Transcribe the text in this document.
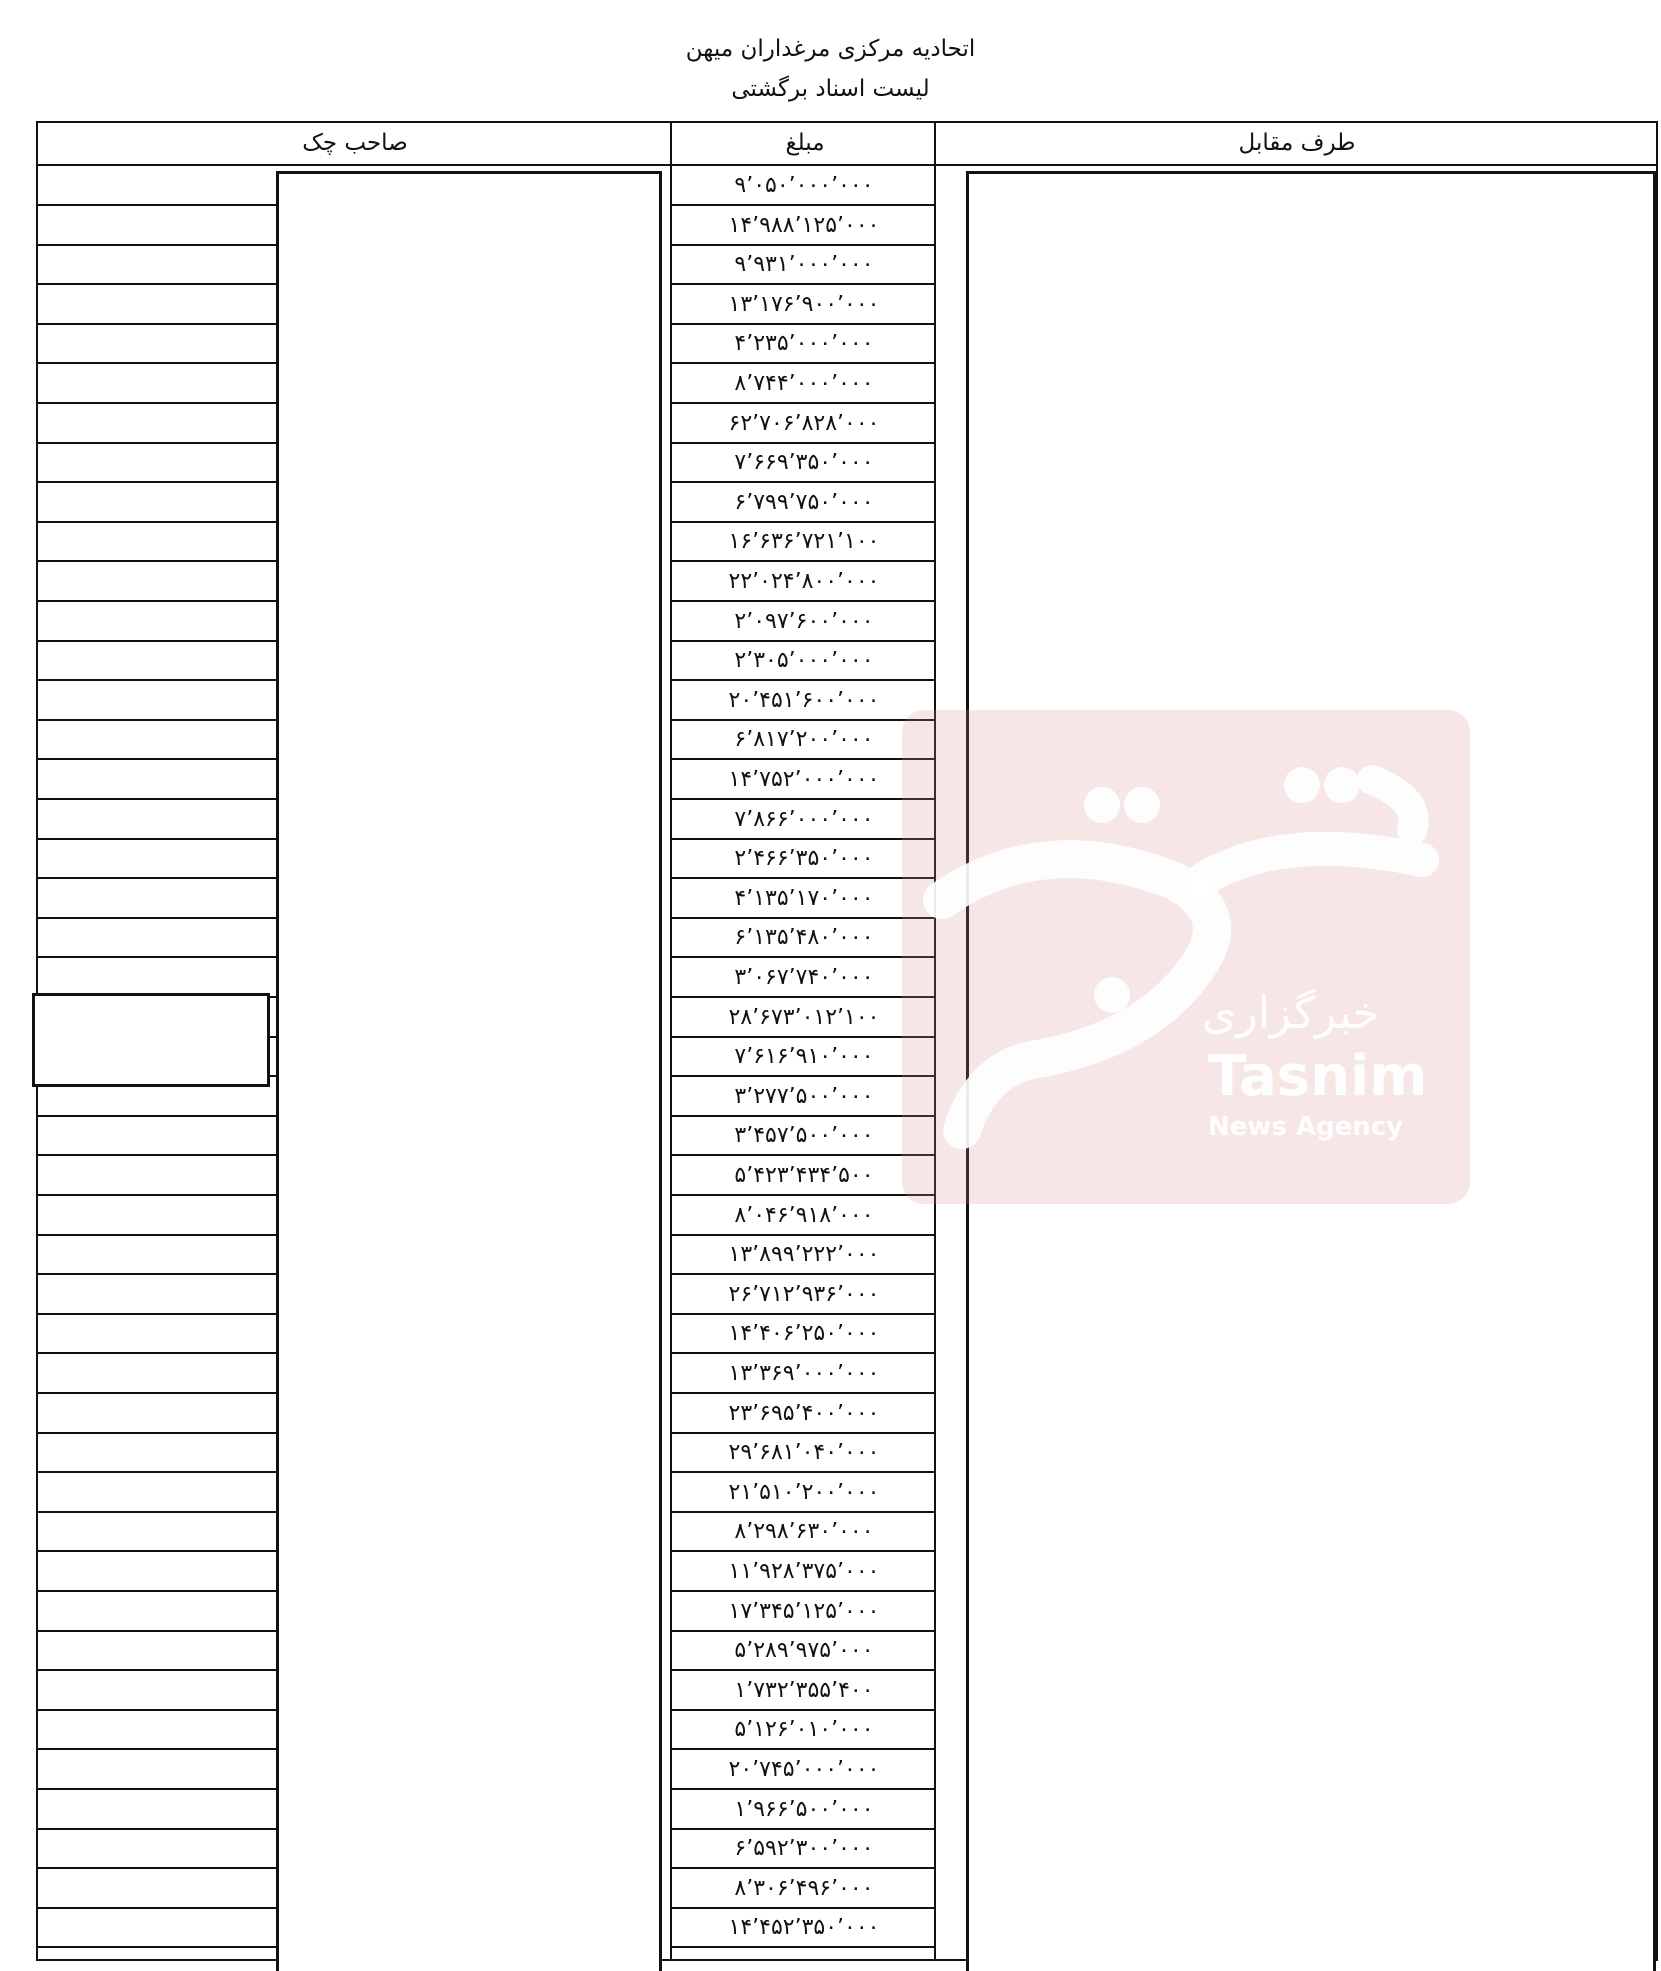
اتحادیه مرکزی مرغداران میهن
لیست اسناد برگشتی
صاحب چک	مبلغ	طرف مقابل
۹٬۰۵۰٬۰۰۰٬۰۰۰
۱۴٬۹۸۸٬۱۲۵٬۰۰۰
۹٬۹۳۱٬۰۰۰٬۰۰۰
۱۳٬۱۷۶٬۹۰۰٬۰۰۰
۴٬۲۳۵٬۰۰۰٬۰۰۰
۸٬۷۴۴٬۰۰۰٬۰۰۰
۶۲٬۷۰۶٬۸۲۸٬۰۰۰
۷٬۶۶۹٬۳۵۰٬۰۰۰
۶٬۷۹۹٬۷۵۰٬۰۰۰
۱۶٬۶۳۶٬۷۲۱٬۱۰۰
۲۲٬۰۲۴٬۸۰۰٬۰۰۰
۲٬۰۹۷٬۶۰۰٬۰۰۰
۲٬۳۰۵٬۰۰۰٬۰۰۰
۲۰٬۴۵۱٬۶۰۰٬۰۰۰
۶٬۸۱۷٬۲۰۰٬۰۰۰
۱۴٬۷۵۲٬۰۰۰٬۰۰۰
۷٬۸۶۶٬۰۰۰٬۰۰۰
۲٬۴۶۶٬۳۵۰٬۰۰۰
۴٬۱۳۵٬۱۷۰٬۰۰۰
۶٬۱۳۵٬۴۸۰٬۰۰۰
۳٬۰۶۷٬۷۴۰٬۰۰۰
۲۸٬۶۷۳٬۰۱۲٬۱۰۰
۷٬۶۱۶٬۹۱۰٬۰۰۰
۳٬۲۷۷٬۵۰۰٬۰۰۰
۳٬۴۵۷٬۵۰۰٬۰۰۰
۵٬۴۲۳٬۴۳۴٬۵۰۰
۸٬۰۴۶٬۹۱۸٬۰۰۰
۱۳٬۸۹۹٬۲۲۲٬۰۰۰
۲۶٬۷۱۲٬۹۳۶٬۰۰۰
۱۴٬۴۰۶٬۲۵۰٬۰۰۰
۱۳٬۳۶۹٬۰۰۰٬۰۰۰
۲۳٬۶۹۵٬۴۰۰٬۰۰۰
۲۹٬۶۸۱٬۰۴۰٬۰۰۰
۲۱٬۵۱۰٬۲۰۰٬۰۰۰
۸٬۲۹۸٬۶۳۰٬۰۰۰
۱۱٬۹۲۸٬۳۷۵٬۰۰۰
۱۷٬۳۴۵٬۱۲۵٬۰۰۰
۵٬۲۸۹٬۹۷۵٬۰۰۰
۱٬۷۳۲٬۳۵۵٬۴۰۰
۵٬۱۲۶٬۰۱۰٬۰۰۰
۲۰٬۷۴۵٬۰۰۰٬۰۰۰
۱٬۹۶۶٬۵۰۰٬۰۰۰
۶٬۵۹۲٬۳۰۰٬۰۰۰
۸٬۳۰۶٬۴۹۶٬۰۰۰
۱۴٬۴۵۲٬۳۵۰٬۰۰۰
خبرگزاری
Tasnim
News Agency
